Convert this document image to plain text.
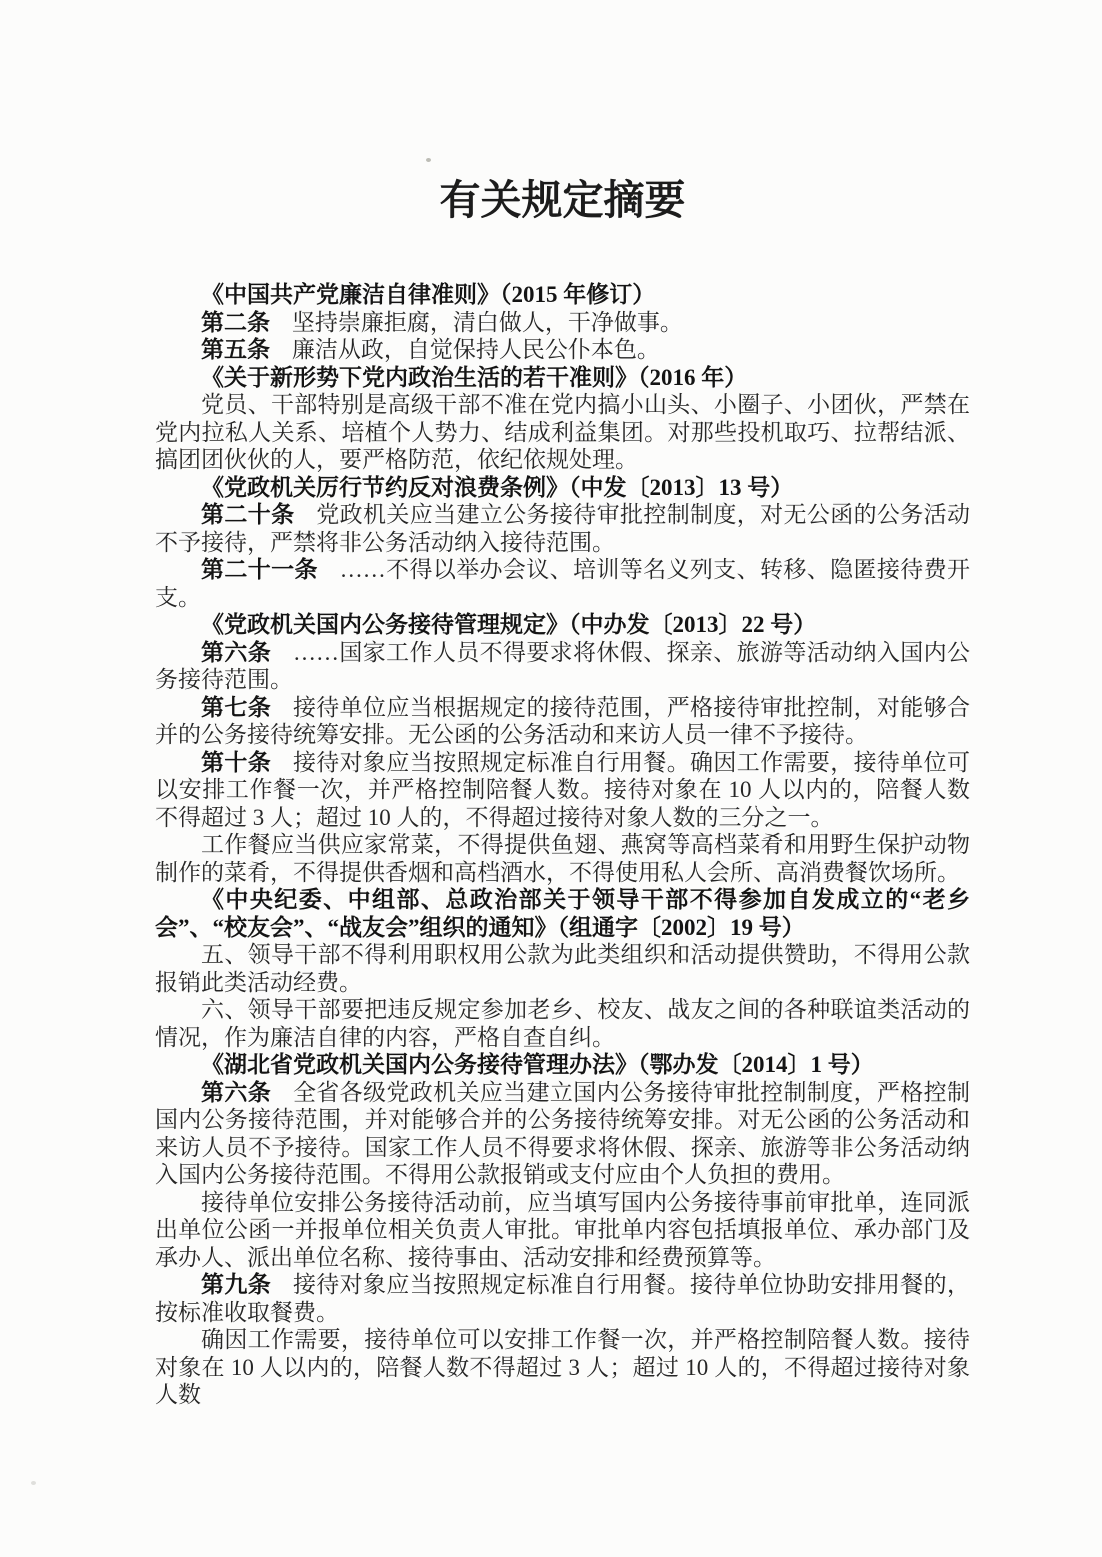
有关规定摘要

《中国共产党廉洁自律准则》（2015 年修订）

第二条 坚持崇廉拒腐，清白做人，干净做事。

第五条 廉洁从政，自觉保持人民公仆本色。

《关于新形势下党内政治生活的若干准则》（2016 年）

党员、干部特别是高级干部不准在党内搞小山头、小圈子、小团伙，严禁在党内拉私人关系、培植个人势力、结成利益集团。对那些投机取巧、拉帮结派、搞团团伙伙的人，要严格防范，依纪依规处理。

《党政机关厉行节约反对浪费条例》（中发〔2013〕13 号）

第二十条 党政机关应当建立公务接待审批控制制度，对无公函的公务活动不予接待，严禁将非公务活动纳入接待范围。

第二十一条 ……不得以举办会议、培训等名义列支、转移、隐匿接待费开支。

《党政机关国内公务接待管理规定》（中办发〔2013〕22 号）

第六条 ……国家工作人员不得要求将休假、探亲、旅游等活动纳入国内公务接待范围。

第七条 接待单位应当根据规定的接待范围，严格接待审批控制，对能够合并的公务接待统筹安排。无公函的公务活动和来访人员一律不予接待。

第十条 接待对象应当按照规定标准自行用餐。确因工作需要，接待单位可以安排工作餐一次，并严格控制陪餐人数。接待对象在 10 人以内的，陪餐人数不得超过 3 人；超过 10 人的，不得超过接待对象人数的三分之一。

工作餐应当供应家常菜，不得提供鱼翅、燕窝等高档菜肴和用野生保护动物制作的菜肴，不得提供香烟和高档酒水，不得使用私人会所、高消费餐饮场所。

《中央纪委、中组部、总政治部关于领导干部不得参加自发成立的“老乡会”、“校友会”、“战友会”组织的通知》（组通字〔2002〕19 号）

五、领导干部不得利用职权用公款为此类组织和活动提供赞助，不得用公款报销此类活动经费。

六、领导干部要把违反规定参加老乡、校友、战友之间的各种联谊类活动的情况，作为廉洁自律的内容，严格自查自纠。

《湖北省党政机关国内公务接待管理办法》（鄂办发〔2014〕1 号）

第六条 全省各级党政机关应当建立国内公务接待审批控制制度，严格控制国内公务接待范围，并对能够合并的公务接待统筹安排。对无公函的公务活动和来访人员不予接待。国家工作人员不得要求将休假、探亲、旅游等非公务活动纳入国内公务接待范围。不得用公款报销或支付应由个人负担的费用。

接待单位安排公务接待活动前，应当填写国内公务接待事前审批单，连同派出单位公函一并报单位相关负责人审批。审批单内容包括填报单位、承办部门及承办人、派出单位名称、接待事由、活动安排和经费预算等。

第九条 接待对象应当按照规定标准自行用餐。接待单位协助安排用餐的，按标准收取餐费。

确因工作需要，接待单位可以安排工作餐一次，并严格控制陪餐人数。接待对象在 10 人以内的，陪餐人数不得超过 3 人；超过 10 人的，不得超过接待对象人数
